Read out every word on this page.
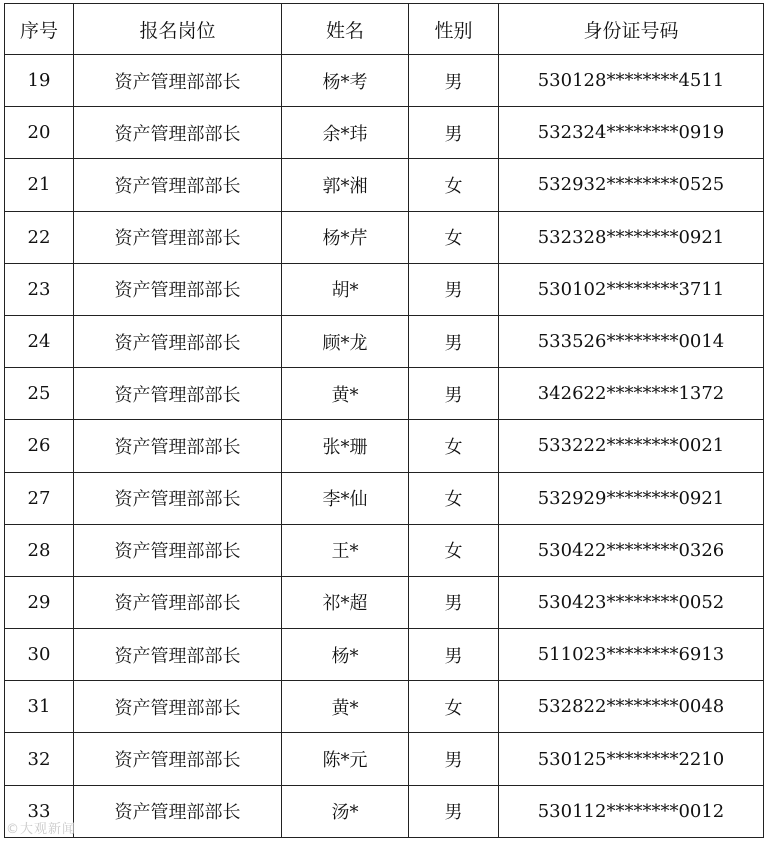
序号	报名岗位	姓名	性别	身份证号码
19	资产管理部部长	杨*考	男	530128********4511
20	资产管理部部长	余*玮	男	532324********0919
21	资产管理部部长	郭*湘	女	532932********0525
22	资产管理部部长	杨*芹	女	532328********0921
23	资产管理部部长	胡*	男	530102********3711
24	资产管理部部长	顾*龙	男	533526********0014
25	资产管理部部长	黄*	男	342622********1372
26	资产管理部部长	张*珊	女	533222********0021
27	资产管理部部长	李*仙	女	532929********0921
28	资产管理部部长	王*	女	530422********0326
29	资产管理部部长	祁*超	男	530423********0052
30	资产管理部部长	杨*	男	511023********6913
31	资产管理部部长	黄*	女	532822********0048
32	资产管理部部长	陈*元	男	530125********2210
33	资产管理部部长	汤*	男	530112********0012
©大观新闻
